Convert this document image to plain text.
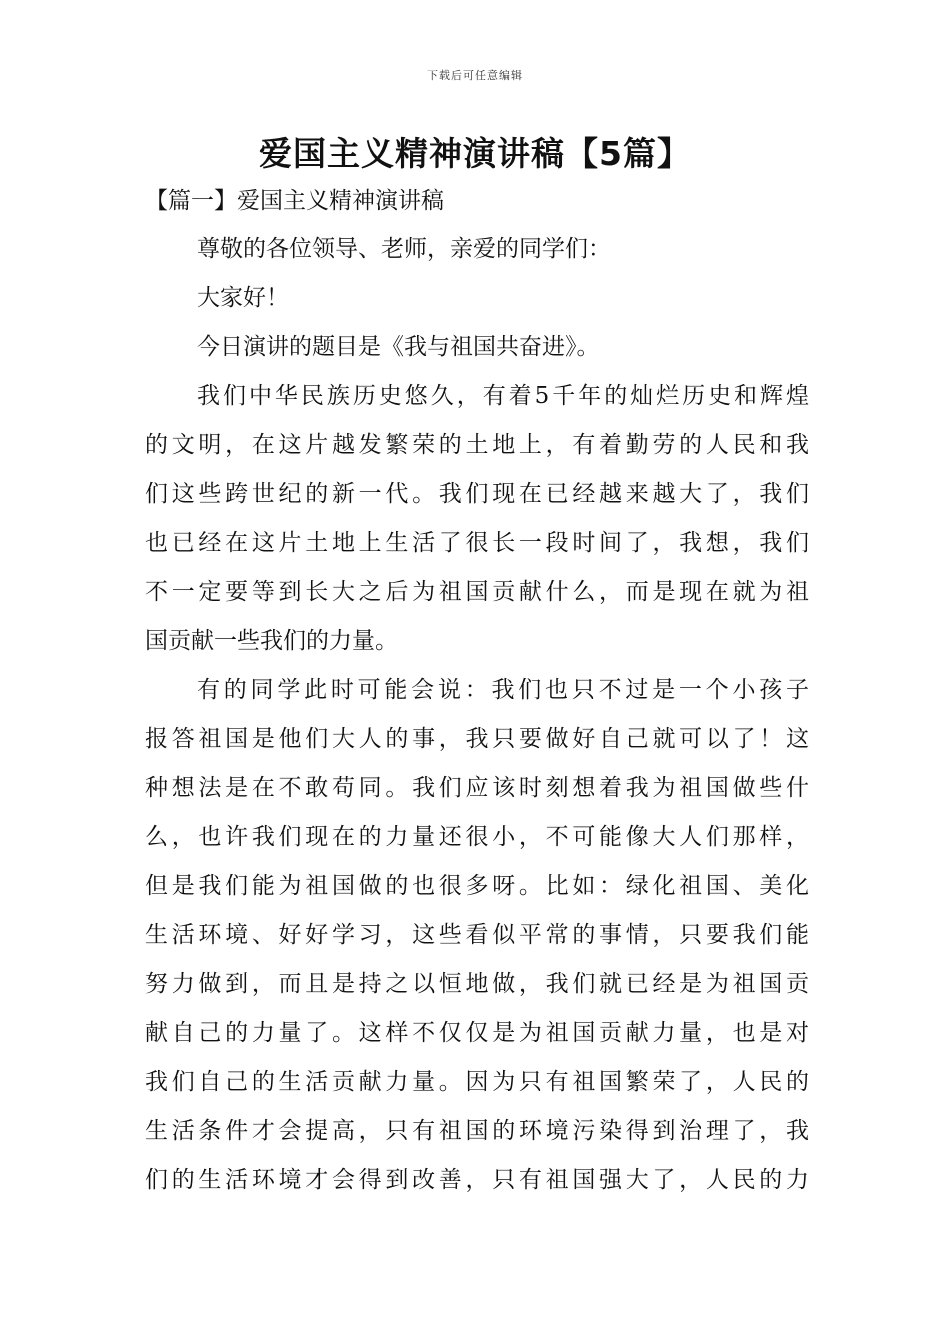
下载后可任意编辑
爱国主义精神演讲稿【5篇】
【篇一】爱国主义精神演讲稿
尊敬的各位领导、老师，亲爱的同学们：
大家好！
今日演讲的题目是《我与祖国共奋进》。
我们中华民族历史悠久，有着5千年的灿烂历史和辉煌
的文明，在这片越发繁荣的土地上，有着勤劳的人民和我
们这些跨世纪的新一代。我们现在已经越来越大了，我们
也已经在这片土地上生活了很长一段时间了，我想，我们
不一定要等到长大之后为祖国贡献什么，而是现在就为祖
国贡献一些我们的力量。
有的同学此时可能会说：我们也只不过是一个小孩子
报答祖国是他们大人的事，我只要做好自己就可以了！这
种想法是在不敢苟同。我们应该时刻想着我为祖国做些什
么，也许我们现在的力量还很小，不可能像大人们那样，
但是我们能为祖国做的也很多呀。比如：绿化祖国、美化
生活环境、好好学习，这些看似平常的事情，只要我们能
努力做到，而且是持之以恒地做，我们就已经是为祖国贡
献自己的力量了。这样不仅仅是为祖国贡献力量，也是对
我们自己的生活贡献力量。因为只有祖国繁荣了，人民的
生活条件才会提高，只有祖国的环境污染得到治理了，我
们的生活环境才会得到改善，只有祖国强大了，人民的力
